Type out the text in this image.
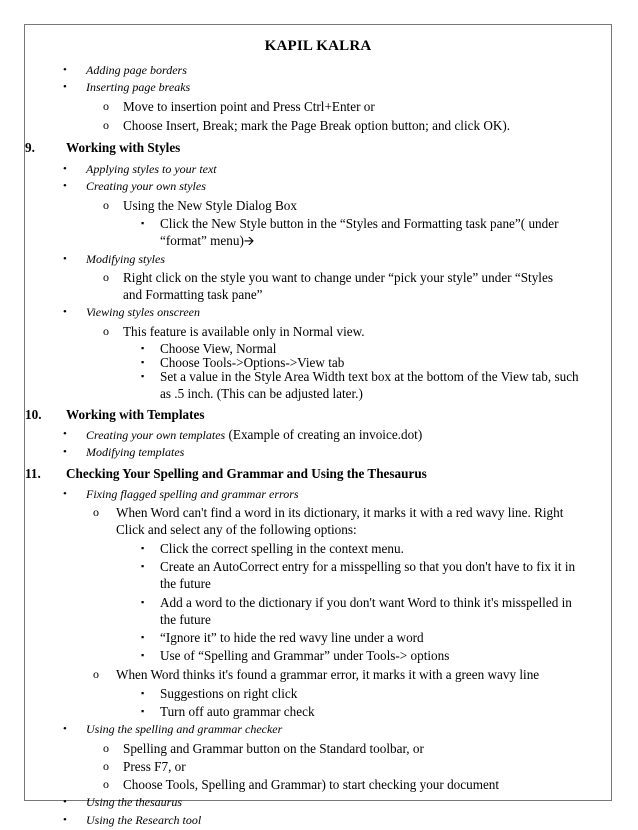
KAPIL KALRA
• Adding page borders
• Inserting page breaks
o Move to insertion point and Press Ctrl+Enter or
o Choose Insert, Break; mark the Page Break option button; and click OK).
9. Working with Styles
• Applying styles to your text
• Creating your own styles
o Using the New Style Dialog Box
▪ Click the New Style button in the “Styles and Formatting task pane”( under “format” menu)🡪
• Modifying styles
o Right click on the style you want to change under “pick your style” under “Styles and Formatting task pane”
• Viewing styles onscreen
o This feature is available only in Normal view.
▪ Choose View, Normal
▪ Choose Tools->Options->View tab
▪ Set a value in the Style Area Width text box at the bottom of the View tab, such as .5 inch. (This can be adjusted later.)
10. Working with Templates
• Creating your own templates (Example of creating an invoice.dot)
• Modifying templates
11. Checking Your Spelling and Grammar and Using the Thesaurus
• Fixing flagged spelling and grammar errors
o When Word can't find a word in its dictionary, it marks it with a red wavy line. Right Click and select any of the following options:
▪ Click the correct spelling in the context menu.
▪ Create an AutoCorrect entry for a misspelling so that you don't have to fix it in the future
▪ Add a word to the dictionary if you don't want Word to think it's misspelled in the future
▪ “Ignore it” to hide the red wavy line under a word
▪ Use of “Spelling and Grammar” under Tools-> options
o When Word thinks it's found a grammar error, it marks it with a green wavy line
▪ Suggestions on right click
▪ Turn off auto grammar check
• Using the spelling and grammar checker
o Spelling and Grammar button on the Standard toolbar, or
o Press F7, or
o Choose Tools, Spelling and Grammar) to start checking your document
• Using the thesaurus
• Using the Research tool
